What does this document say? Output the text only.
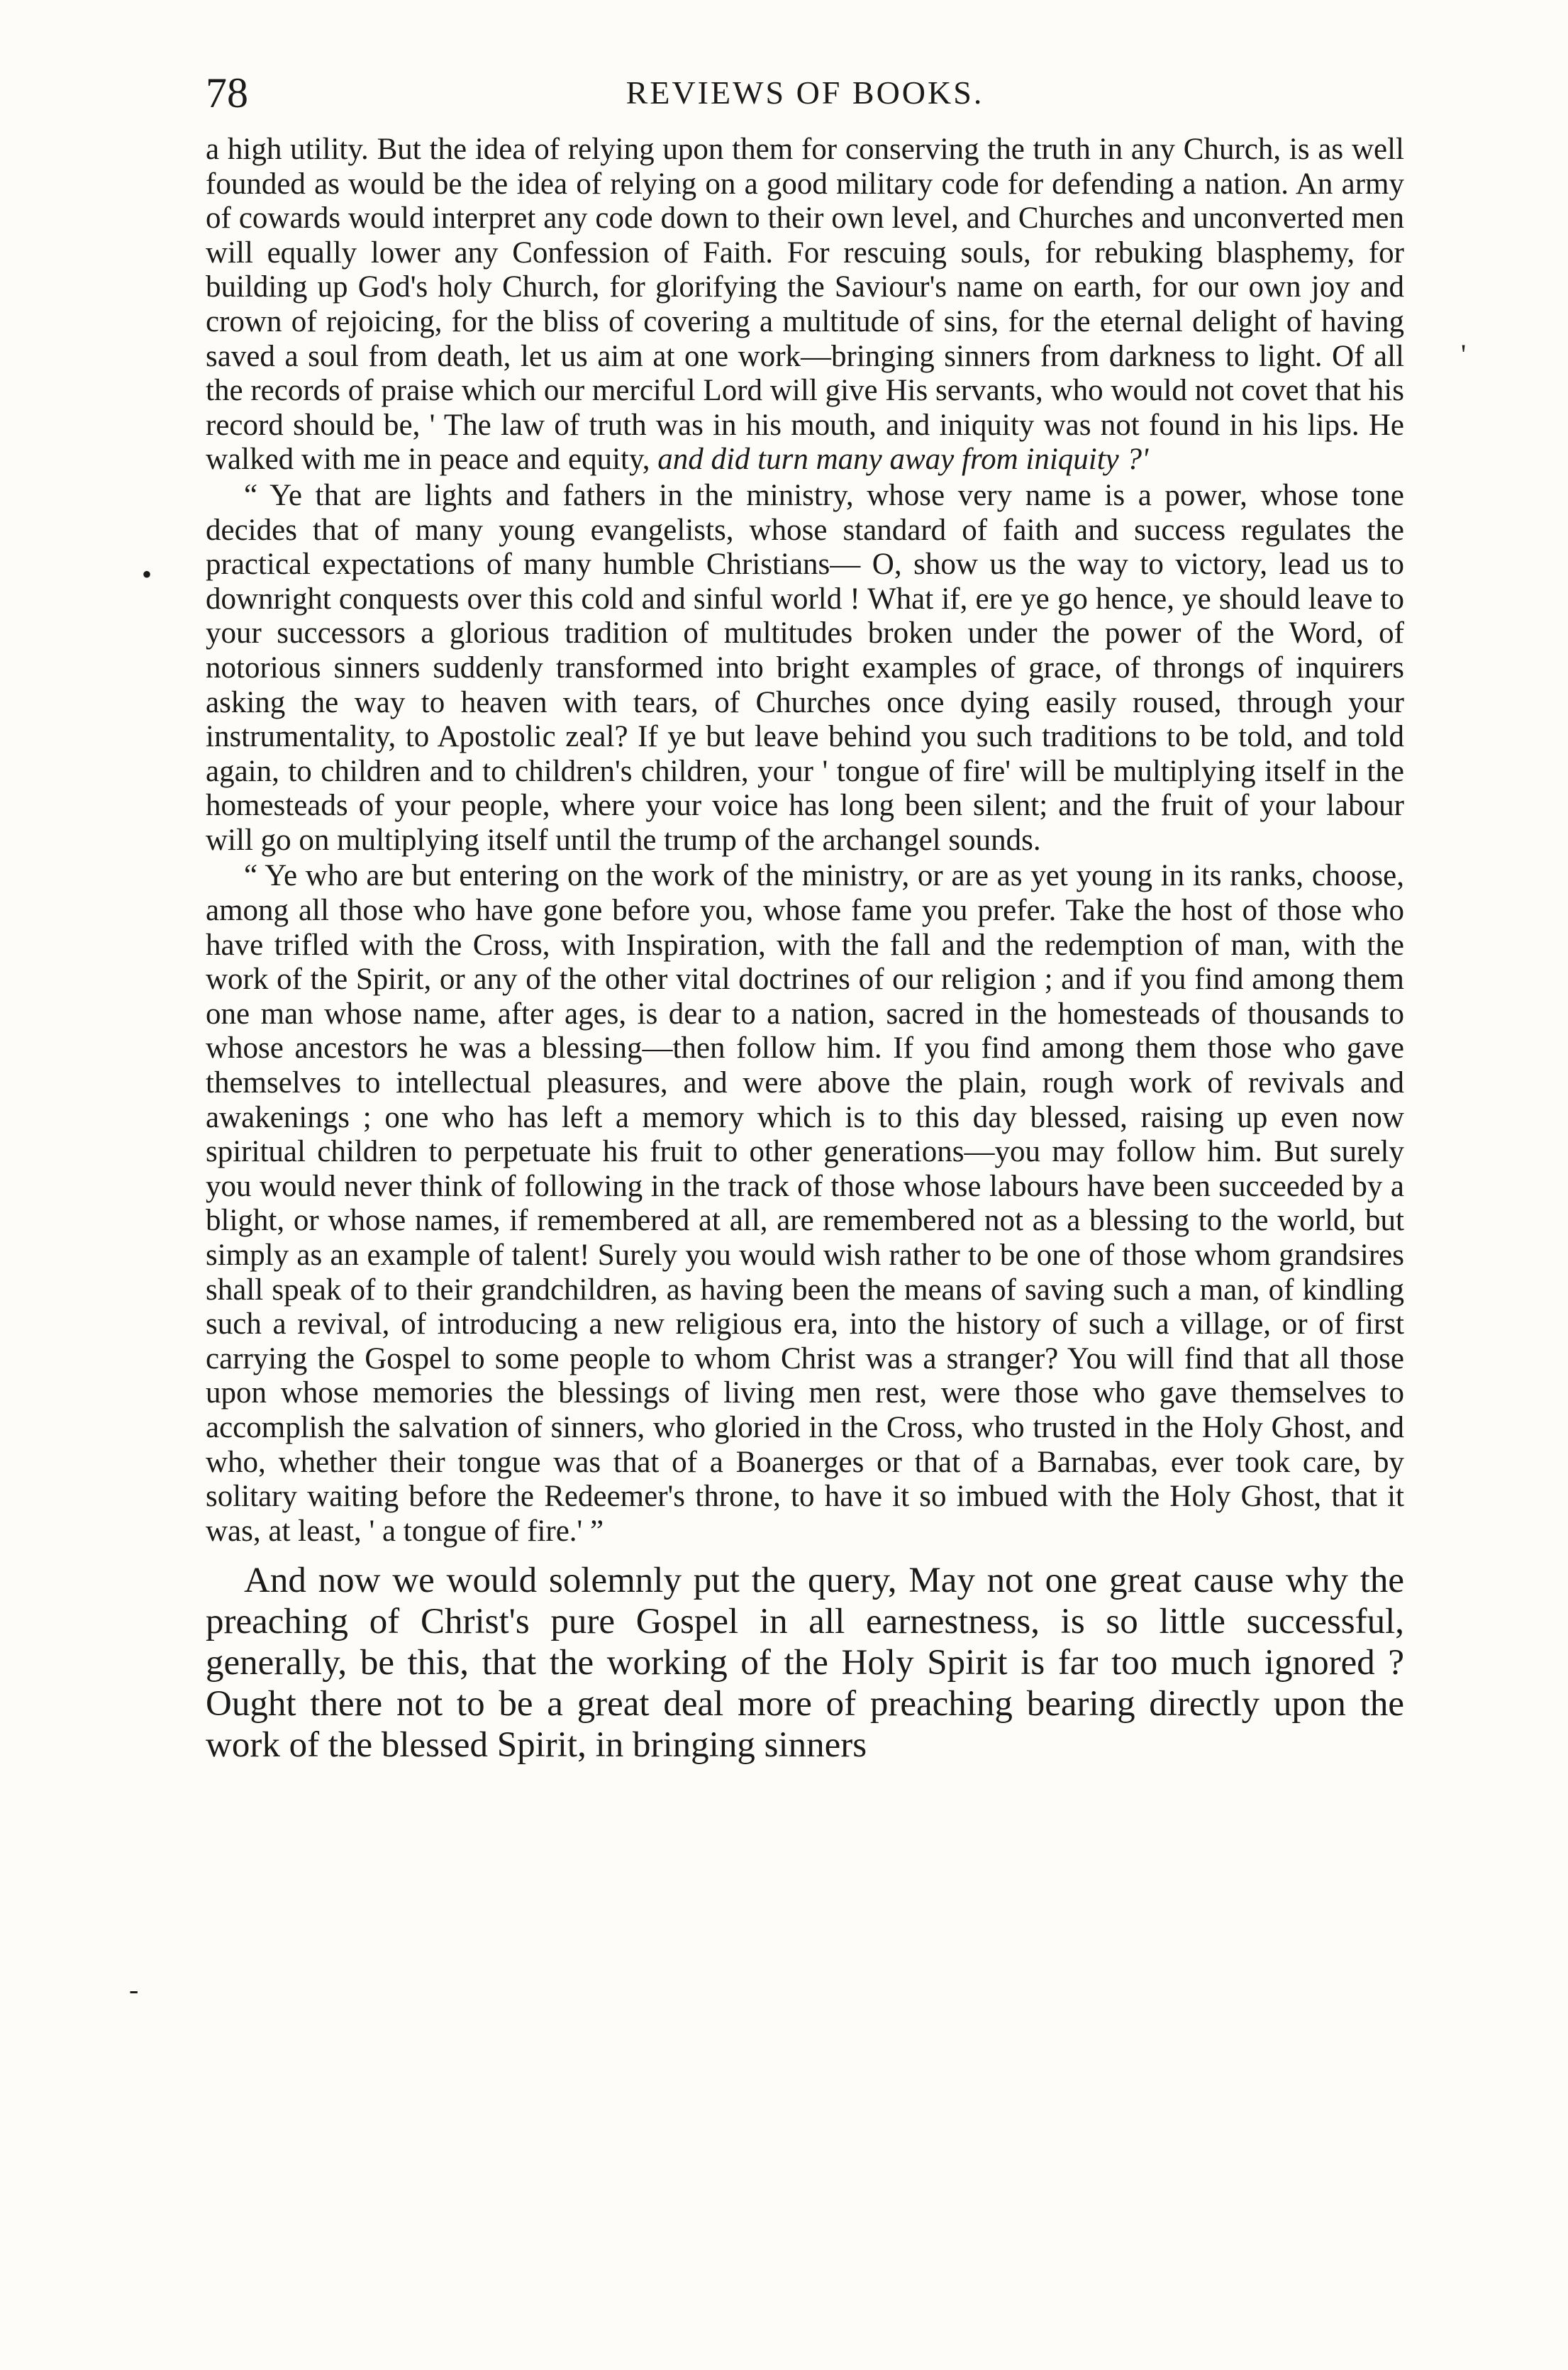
78	REVIEWS OF BOOKS.

a high utility. But the idea of relying upon them for conserving the truth in any Church, is as well founded as would be the idea of relying on a good military code for defending a nation. An army of cowards would interpret any code down to their own level, and Churches and unconverted men will equally lower any Confession of Faith. For rescuing souls, for rebuking blasphemy, for building up God's holy Church, for glorifying the Saviour's name on earth, for our own joy and crown of rejoicing, for the bliss of covering a multitude of sins, for the eternal delight of having saved a soul from death, let us aim at one work—bringing sinners from darkness to light. Of all the records of praise which our merciful Lord will give His servants, who would not covet that his record should be, ' The law of truth was in his mouth, and iniquity was not found in his lips. He walked with me in peace and equity, and did turn many away from iniquity ?'

“ Ye that are lights and fathers in the ministry, whose very name is a power, whose tone decides that of many young evangelists, whose standard of faith and success regulates the practical expectations of many humble Christians— O, show us the way to victory, lead us to downright conquests over this cold and sinful world ! What if, ere ye go hence, ye should leave to your successors a glorious tradition of multitudes broken under the power of the Word, of notorious sinners suddenly transformed into bright examples of grace, of throngs of inquirers asking the way to heaven with tears, of Churches once dying easily roused, through your instrumentality, to Apostolic zeal? If ye but leave behind you such traditions to be told, and told again, to children and to children's children, your ' tongue of fire' will be multiplying itself in the homesteads of your people, where your voice has long been silent; and the fruit of your labour will go on multiplying itself until the trump of the archangel sounds.

“ Ye who are but entering on the work of the ministry, or are as yet young in its ranks, choose, among all those who have gone before you, whose fame you prefer. Take the host of those who have trifled with the Cross, with Inspiration, with the fall and the redemption of man, with the work of the Spirit, or any of the other vital doctrines of our religion ; and if you find among them one man whose name, after ages, is dear to a nation, sacred in the homesteads of thousands to whose ancestors he was a blessing—then follow him. If you find among them those who gave themselves to intellectual pleasures, and were above the plain, rough work of revivals and awakenings ; one who has left a memory which is to this day blessed, raising up even now spiritual children to perpetuate his fruit to other generations—you may follow him. But surely you would never think of following in the track of those whose labours have been succeeded by a blight, or whose names, if remembered at all, are remembered not as a blessing to the world, but simply as an example of talent! Surely you would wish rather to be one of those whom grandsires shall speak of to their grandchildren, as having been the means of saving such a man, of kindling such a revival, of introducing a new religious era, into the history of such a village, or of first carrying the Gospel to some people to whom Christ was a stranger? You will find that all those upon whose memories the blessings of living men rest, were those who gave themselves to accomplish the salvation of sinners, who gloried in the Cross, who trusted in the Holy Ghost, and who, whether their tongue was that of a Boanerges or that of a Barnabas, ever took care, by solitary waiting before the Redeemer's throne, to have it so imbued with the Holy Ghost, that it was, at least, ' a tongue of fire.' ”

And now we would solemnly put the query, May not one great cause why the preaching of Christ's pure Gospel in all earnestness, is so little successful, generally, be this, that the working of the Holy Spirit is far too much ignored ? Ought there not to be a great deal more of preaching bearing directly upon the work of the blessed Spirit, in bringing sinners

•
'
-
